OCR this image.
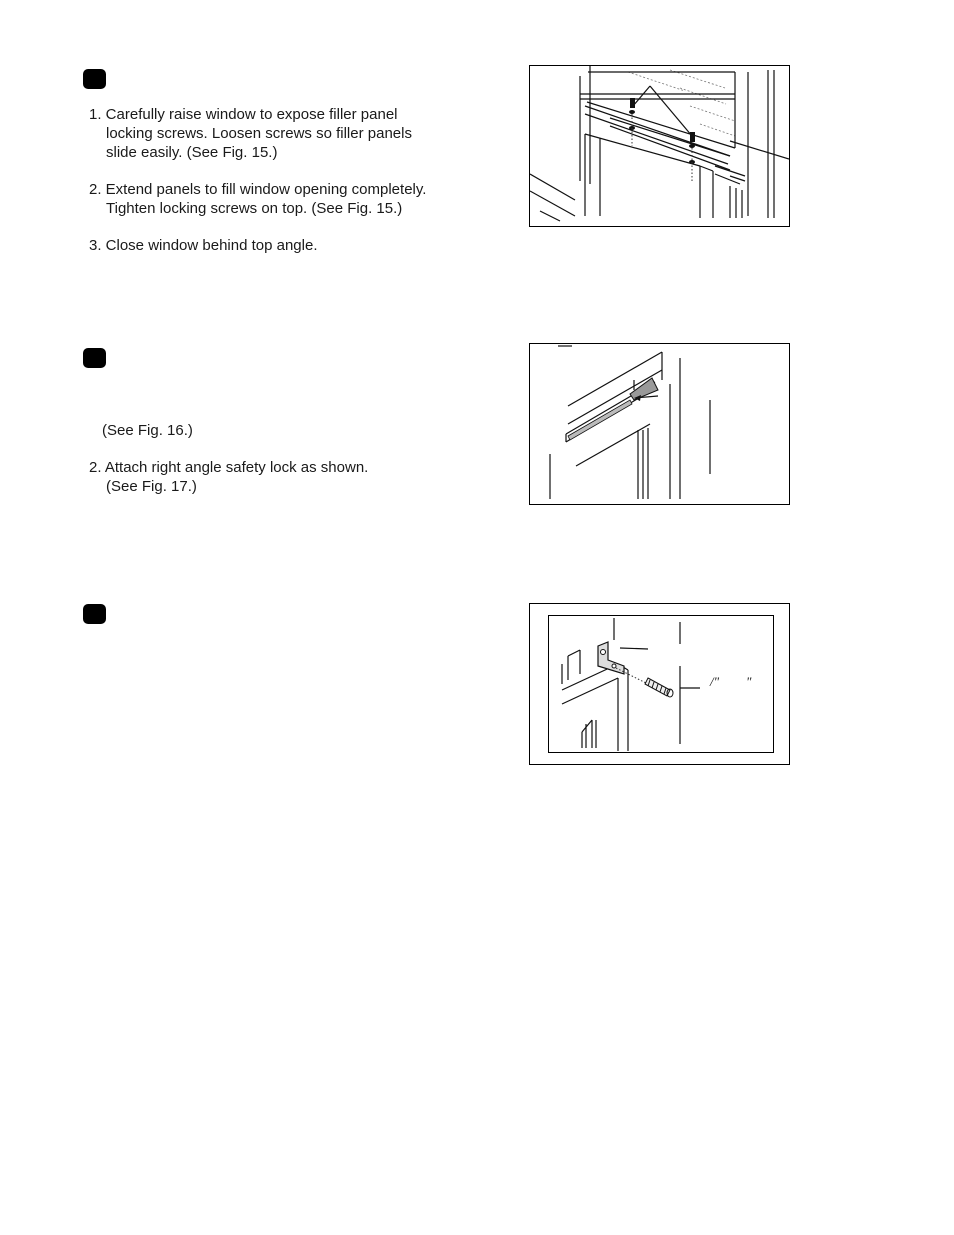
1. Carefully raise window to expose filler panel
locking screws. Loosen screws so filler panels
slide easily. (See Fig. 15.)
2. Extend panels to fill window opening completely.
Tighten locking screws on top. (See Fig. 15.)
3. Close window behind top angle.
(See Fig. 16.)
2. Attach right angle safety lock as shown.
(See Fig. 17.)
/" "
